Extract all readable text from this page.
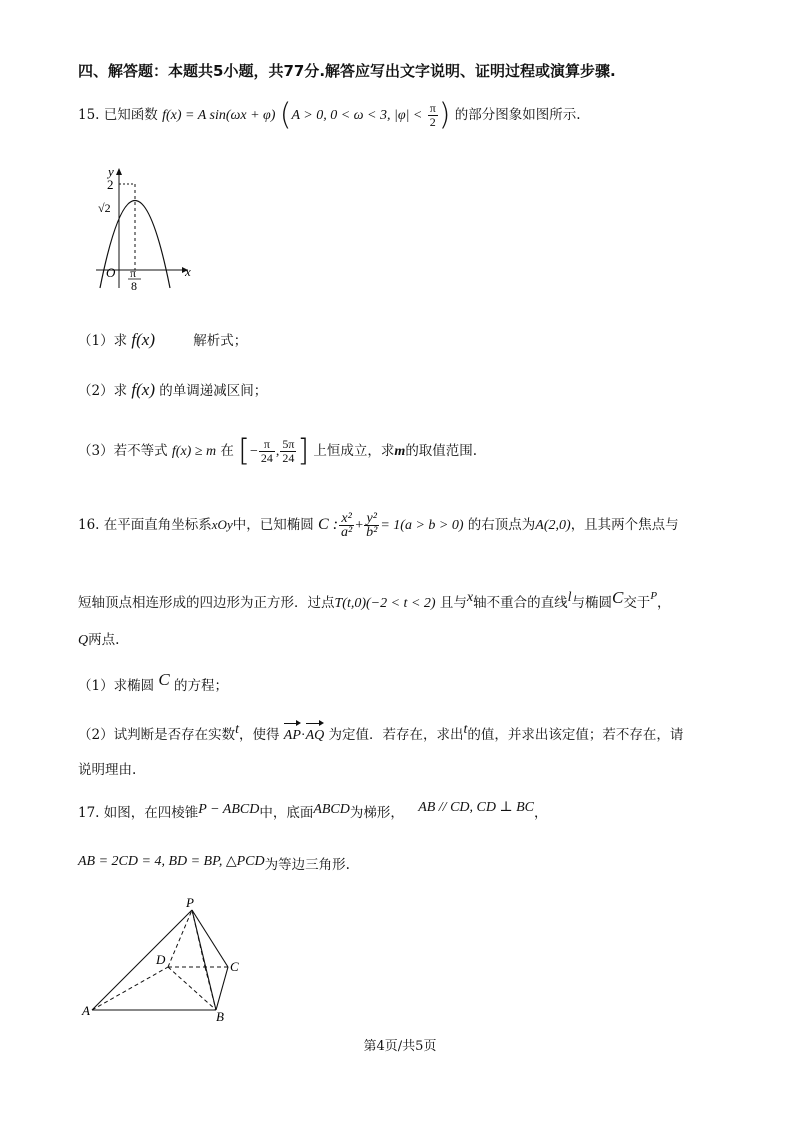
四、解答题：本题共5小题，共77分.解答应写出文字说明、证明过程或演算步骤.
15. 已知函数 f(x) = A sin(ωx + φ) (A > 0, 0 < ω < 3, $|\varphi| < \frac{\pi}{2}$ ) 的部分图象如图所示.
y
2
√2
O π
8
x
（1）求 f(x)	解析式；
（2）求 f(x) 的单调递减区间；
（3）若不等式 f(x) ≥ m 在 [− $\frac{\pi}{24}$ , $\frac{5\pi}{24}$ ] 上恒成立，求m的取值范围.
16. 在平面直角坐标系xOy中，已知椭圆 C : $\frac{\text{x²}}{\text{a²}} + \frac{\text{y²}}{\text{b²}} = 1(a > b > 0)$ 的右顶点为A(2,0)，且其两个焦点与
短轴顶点相连形成的四边形为正方形．过点T(t,0)(−2 < t < 2) 且与x轴不重合的直线l与椭圆C交于$^P$，
Q两点.
（1）求椭圆 C 的方程；
（2）试判断是否存在实数t，使得 AP·AQ 为定值．若存在，求出t的值，并求出该定值；若不存在，请
说明理由.
17. 如图，在四棱锥P − ABCD中，底面ABCD为梯形， AB // CD, CD ⊥ BC，
AB = 2CD = 4, BD = BP, △PCD为等边三角形.
P
D	C
A	B
第4页/共5页
